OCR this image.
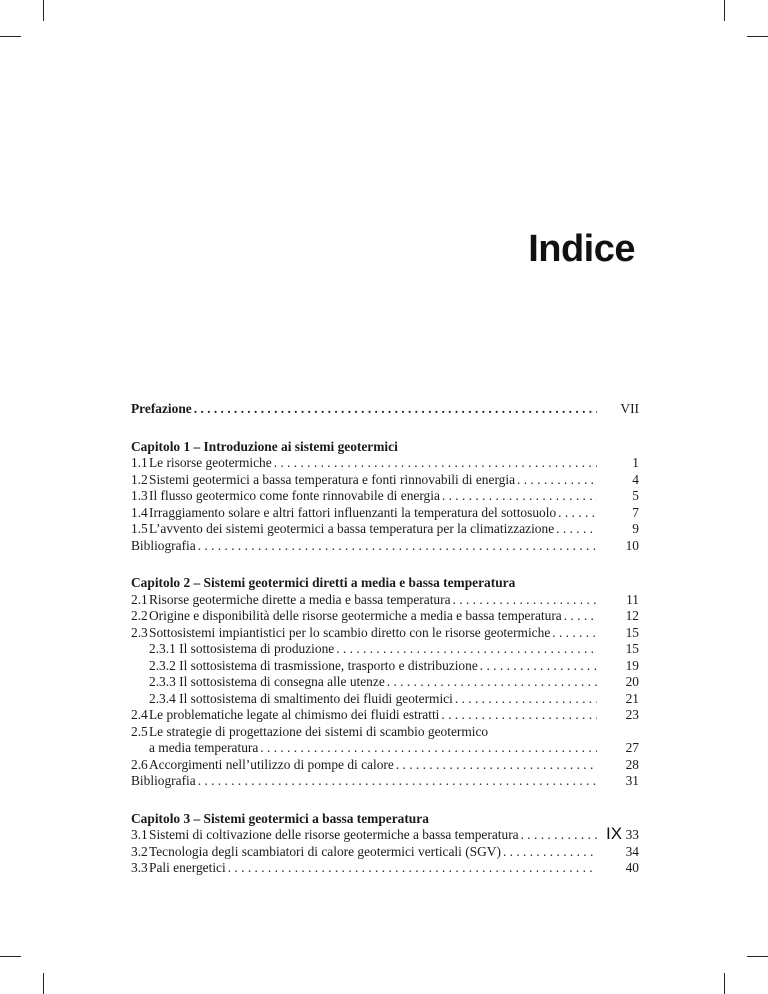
Indice
Prefazione . . .	VII
Capitolo 1 – Introduzione ai sistemi geotermici
1.1 Le risorse geotermiche . . .	1
1.2 Sistemi geotermici a bassa temperatura e fonti rinnovabili di energia . . .	4
1.3 Il flusso geotermico come fonte rinnovabile di energia . . .	5
1.4 Irraggiamento solare e altri fattori influenzanti la temperatura del sottosuolo . . .	7
1.5 L’avvento dei sistemi geotermici a bassa temperatura per la climatizzazione . . .	9
Bibliografia . . .	10
Capitolo 2 – Sistemi geotermici diretti a media e bassa temperatura
2.1 Risorse geotermiche dirette a media e bassa temperatura . . .	11
2.2 Origine e disponibilità delle risorse geotermiche a media e bassa temperatura . . .	12
2.3 Sottosistemi impiantistici per lo scambio diretto con le risorse geotermiche . . .	15
2.3.1 Il sottosistema di produzione . . .	15
2.3.2 Il sottosistema di trasmissione, trasporto e distribuzione . . .	19
2.3.3 Il sottosistema di consegna alle utenze . . .	20
2.3.4 Il sottosistema di smaltimento dei fluidi geotermici . . .	21
2.4 Le problematiche legate al chimismo dei fluidi estratti . . .	23
2.5 Le strategie di progettazione dei sistemi di scambio geotermico
a media temperatura . . .	27
2.6 Accorgimenti nell’utilizzo di pompe di calore . . .	28
Bibliografia . . .	31
Capitolo 3 – Sistemi geotermici a bassa temperatura
3.1 Sistemi di coltivazione delle risorse geotermiche a bassa temperatura . . .	33
3.2 Tecnologia degli scambiatori di calore geotermici verticali (SGV) . . .	34
3.3 Pali energetici . . .	40
IX
